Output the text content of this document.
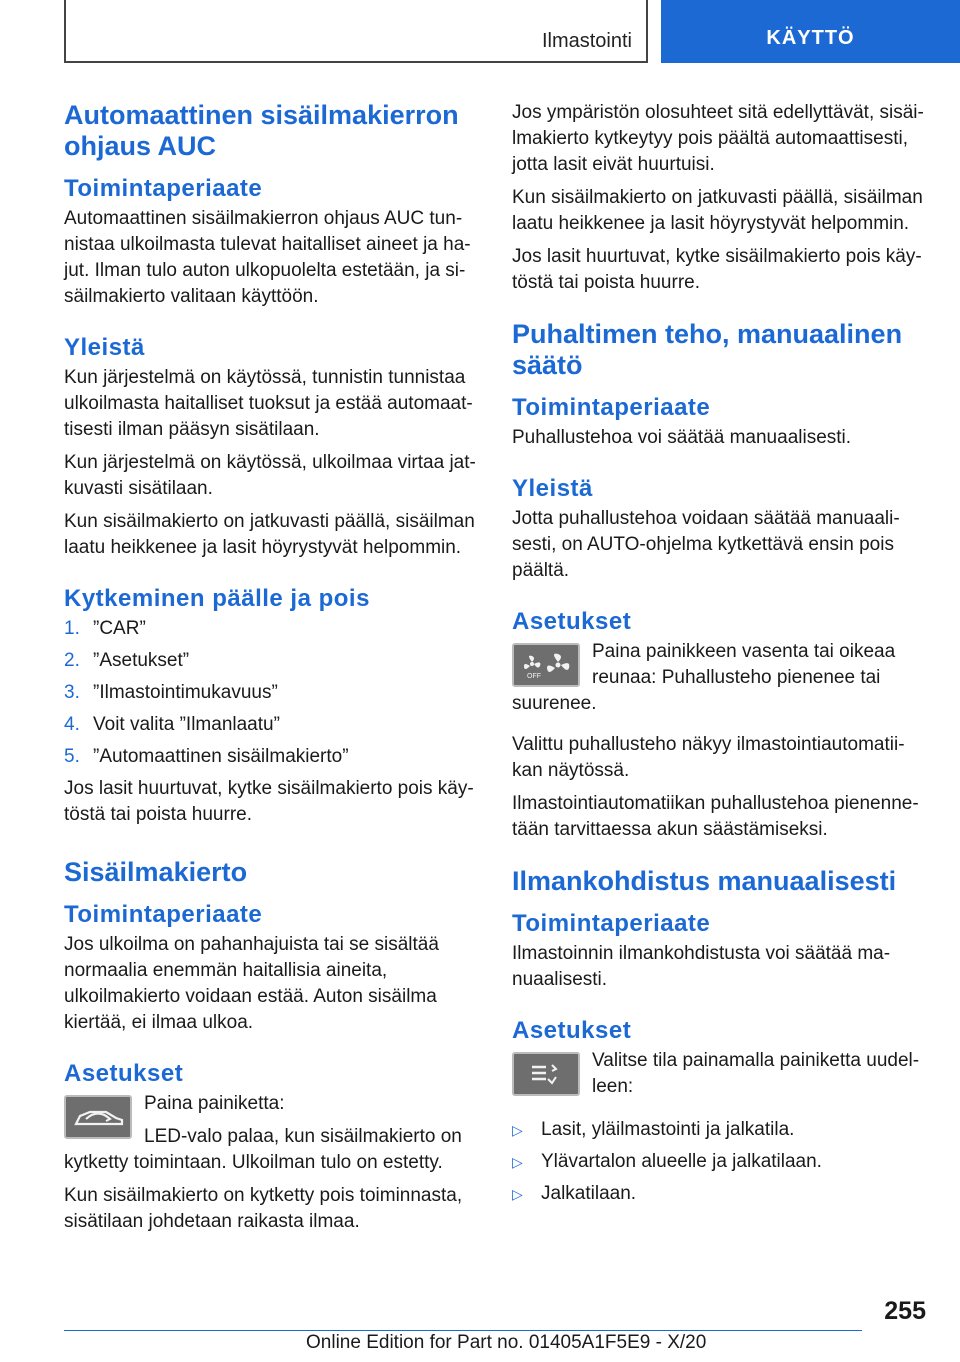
Ilmastointi	KÄYTTÖ
Automaattinen sisäilmakierron ohjaus AUC
Toimintaperiaate

Automaattinen sisäilmakierron ohjaus AUC tunnistaa ulkoilmasta tulevat haitalliset aineet ja hajut. Ilman tulo auton ulkopuolelta estetään, ja sisäilmakierto valitaan käyttöön.

Yleistä

Kun järjestelmä on käytössä, tunnistin tunnistaa ulkoilmasta haitalliset tuoksut ja estää automaattisesti ilman pääsyn sisätilaan.

Kun järjestelmä on käytössä, ulkoilmaa virtaa jatkuvasti sisätilaan.

Kun sisäilmakierto on jatkuvasti päällä, sisäilman laatu heikkenee ja lasit höyrystyvät helpommin.

Kytkeminen päälle ja pois
1. ”CAR”
2. ”Asetukset”
3. ”Ilmastointimukavuus”
4. Voit valita ”Ilmanlaatu”
5. ”Automaattinen sisäilmakierto”

Jos lasit huurtuvat, kytke sisäilmakierto pois käytöstä tai poista huurre.

Sisäilmakierto
Toimintaperiaate

Jos ulkoilma on pahanhajuista tai se sisältää normaalia enemmän haitallisia aineita, ulkoilmakierto voidaan estää. Auton sisäilma kiertää, ei ilmaa ulkoa.

Asetukset

Paina painiketta:

LED-valo palaa, kun sisäilmakierto on kytketty toimintaan. Ulkoilman tulo on estetty.

Kun sisäilmakierto on kytketty pois toiminnasta, sisätilaan johdetaan raikasta ilmaa.

Jos ympäristön olosuhteet sitä edellyttävät, sisäilmakierto kytkeytyy pois päältä automaattisesti, jotta lasit eivät huurtuisi.

Kun sisäilmakierto on jatkuvasti päällä, sisäilman laatu heikkenee ja lasit höyrystyvät helpommin.

Jos lasit huurtuvat, kytke sisäilmakierto pois käytöstä tai poista huurre.

Puhaltimen teho, manuaalinen säätö
Toimintaperiaate

Puhallustehoa voi säätää manuaalisesti.

Yleistä

Jotta puhallustehoa voidaan säätää manuaalisesti, on AUTO-ohjelma kytkettävä ensin pois päältä.

Asetukset
OFF

Paina painikkeen vasenta tai oikeaa reunaa: Puhallusteho pienenee tai suurenee.

Valittu puhallusteho näkyy ilmastointiautomatiikan näytössä.

Ilmastointiautomatiikan puhallustehoa pienennetään tarvittaessa akun säästämiseksi.

Ilmankohdistus manuaalisesti
Toimintaperiaate

Ilmastoinnin ilmankohdistusta voi säätää manuaalisesti.

Asetukset

Valitse tila painamalla painiketta uudelleen:

▷ Lasit, yläilmastointi ja jalkatila.
▷ Ylävartalon alueelle ja jalkatilaan.
▷ Jalkatilaan.
255
Online Edition for Part no. 01405A1F5E9 - X/20
